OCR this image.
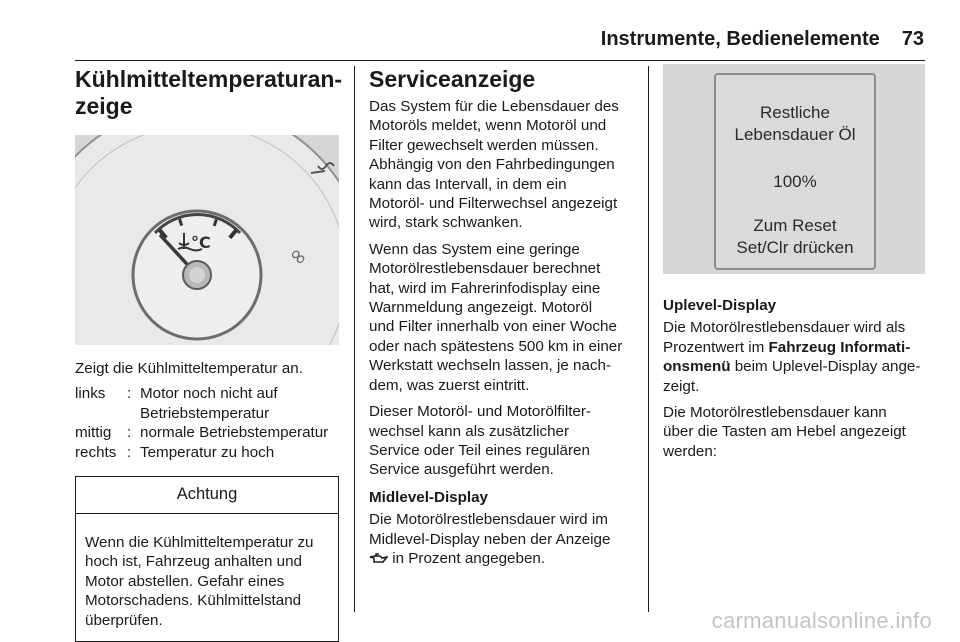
Instrumente, Bedienelemente 73
Kühlmitteltemperaturan-
zeige
∞
°C

Zeigt die Kühlmitteltemperatur an.

links	: Motor noch nicht auf
Betriebstemperatur
mittig	: normale Betriebstemperatur
rechts : Temperatur zu hoch
Achtung
Wenn die Kühlmitteltemperatur zu
hoch ist, Fahrzeug anhalten und
Motor abstellen. Gefahr eines
Motorschadens. Kühlmittelstand
überprüfen.
Serviceanzeige

Das System für die Lebensdauer des
Motoröls meldet, wenn Motoröl und
Filter gewechselt werden müssen.
Abhängig von den Fahrbedingungen
kann das Intervall, in dem ein
Motoröl- und Filterwechsel angezeigt
wird, stark schwanken.

Wenn das System eine geringe
Motorölrestlebensdauer berechnet
hat, wird im Fahrerinfodisplay eine
Warnmeldung angezeigt. Motoröl
und Filter innerhalb von einer Woche
oder nach spätestens 500 km in einer
Werkstatt wechseln lassen, je nach-
dem, was zuerst eintritt.

Dieser Motoröl- und Motorölfilter-
wechsel kann als zusätzlicher
Service oder Teil eines regulären
Service ausgeführt werden.

Midlevel-Display

Die Motorölrestlebensdauer wird im
Midlevel-Display neben der Anzeige
in Prozent angegeben.

Restliche
Lebensdauer Öl
100%
Zum Reset
Set/Clr drücken

Uplevel-Display

Die Motorölrestlebensdauer wird als
Prozentwert im Fahrzeug Informati-
onsmenü beim Uplevel-Display ange-
zeigt.

Die Motorölrestlebensdauer kann
über die Tasten am Hebel angezeigt
werden:

carmanualsonline.info
